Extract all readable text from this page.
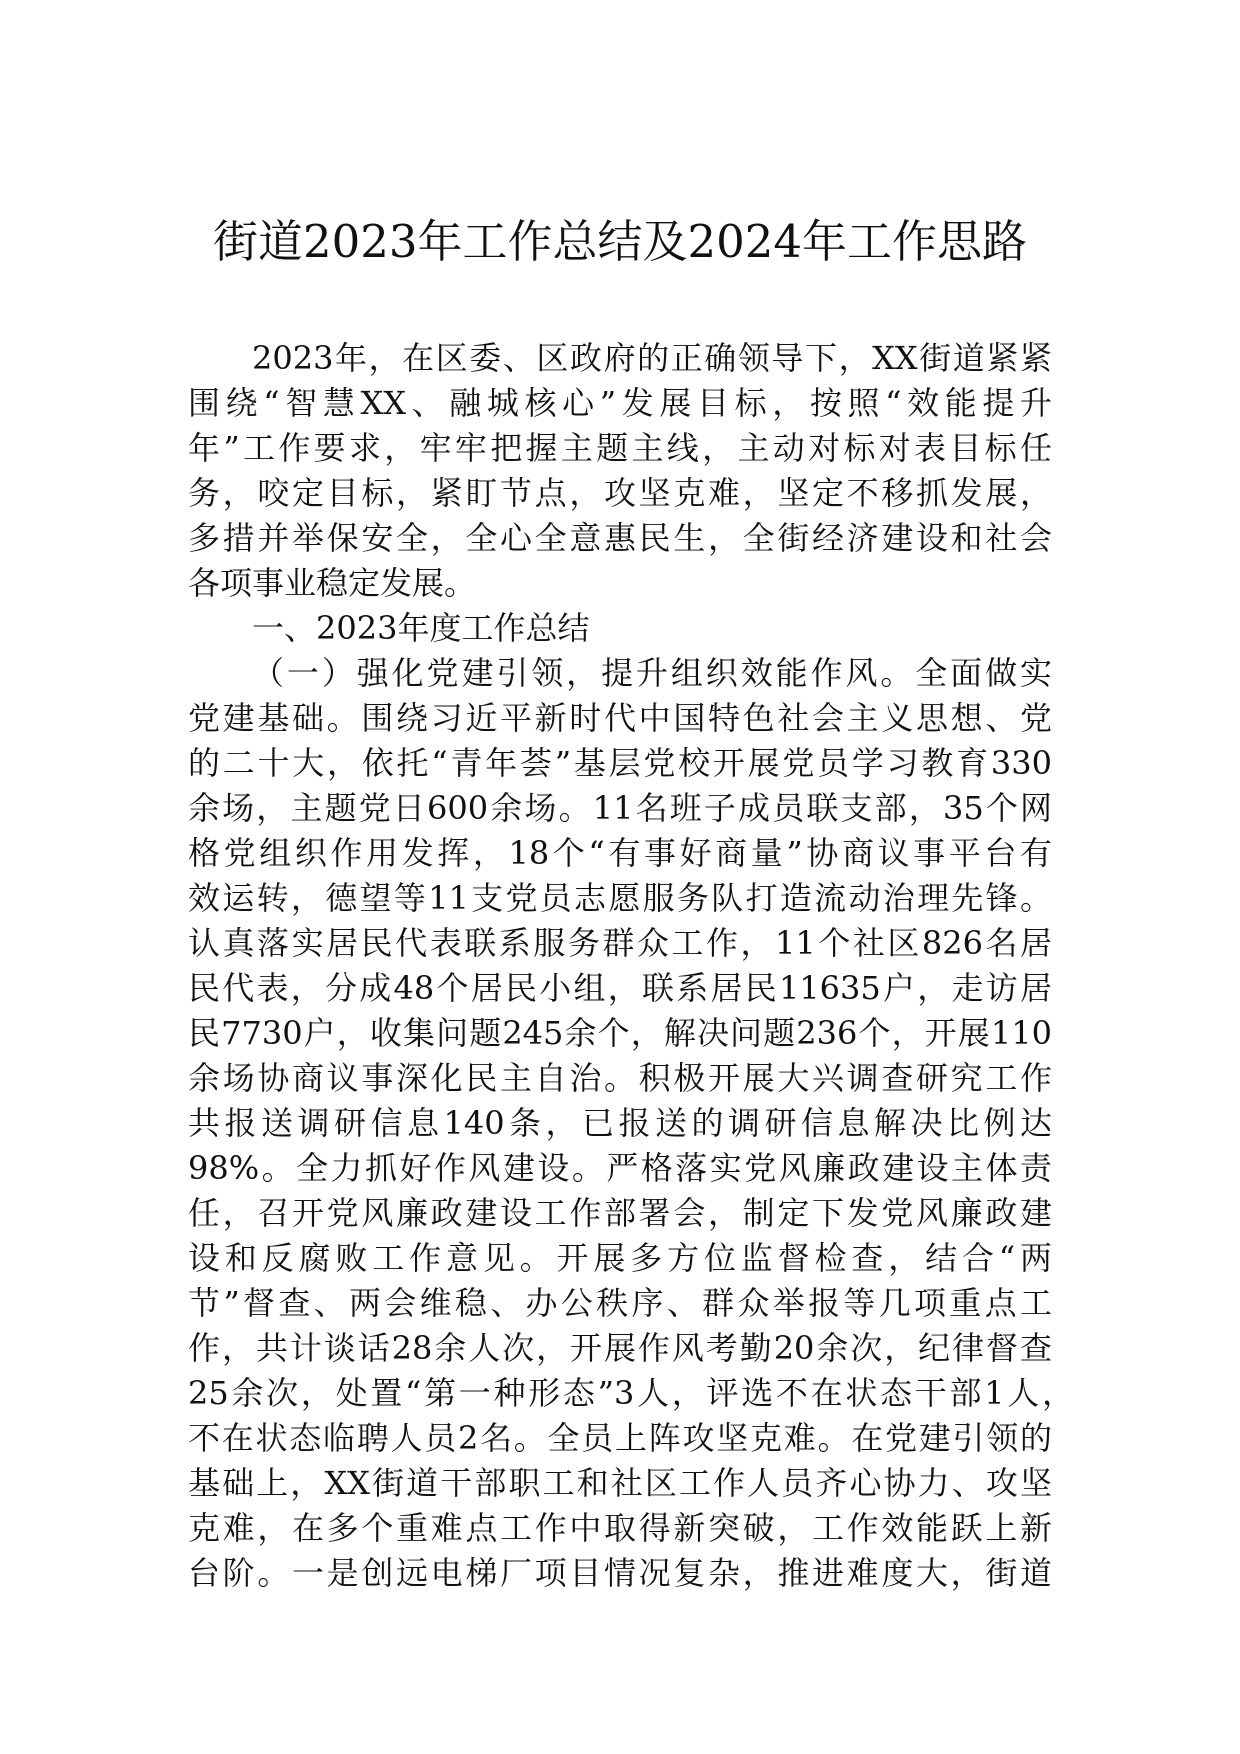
街道2023年工作总结及2024年工作思路
2023年，在区委、区政府的正确领导下，XX街道紧紧
围绕“智慧XX、融城核心”发展目标，按照“效能提升
年”工作要求，牢牢把握主题主线，主动对标对表目标任
务，咬定目标，紧盯节点，攻坚克难，坚定不移抓发展，
多措并举保安全，全心全意惠民生，全街经济建设和社会
各项事业稳定发展。
一、2023年度工作总结
（一）强化党建引领，提升组织效能作风。全面做实
党建基础。围绕习近平新时代中国特色社会主义思想、党
的二十大，依托“青年荟”基层党校开展党员学习教育330
余场，主题党日600余场。11名班子成员联支部，35个网
格党组织作用发挥，18个“有事好商量”协商议事平台有
效运转，德望等11支党员志愿服务队打造流动治理先锋。
认真落实居民代表联系服务群众工作，11个社区826名居
民代表，分成48个居民小组，联系居民11635户，走访居
民7730户，收集问题245余个，解决问题236个，开展110
余场协商议事深化民主自治。积极开展大兴调查研究工作
共报送调研信息140条，已报送的调研信息解决比例达
98%。全力抓好作风建设。严格落实党风廉政建设主体责
任，召开党风廉政建设工作部署会，制定下发党风廉政建
设和反腐败工作意见。开展多方位监督检查，结合“两
节”督查、两会维稳、办公秩序、群众举报等几项重点工
作，共计谈话28余人次，开展作风考勤20余次，纪律督查
25余次，处置“第一种形态”3人，评选不在状态干部1人，
不在状态临聘人员2名。全员上阵攻坚克难。在党建引领的
基础上，XX街道干部职工和社区工作人员齐心协力、攻坚
克难，在多个重难点工作中取得新突破，工作效能跃上新
台阶。一是创远电梯厂项目情况复杂，推进难度大，街道
